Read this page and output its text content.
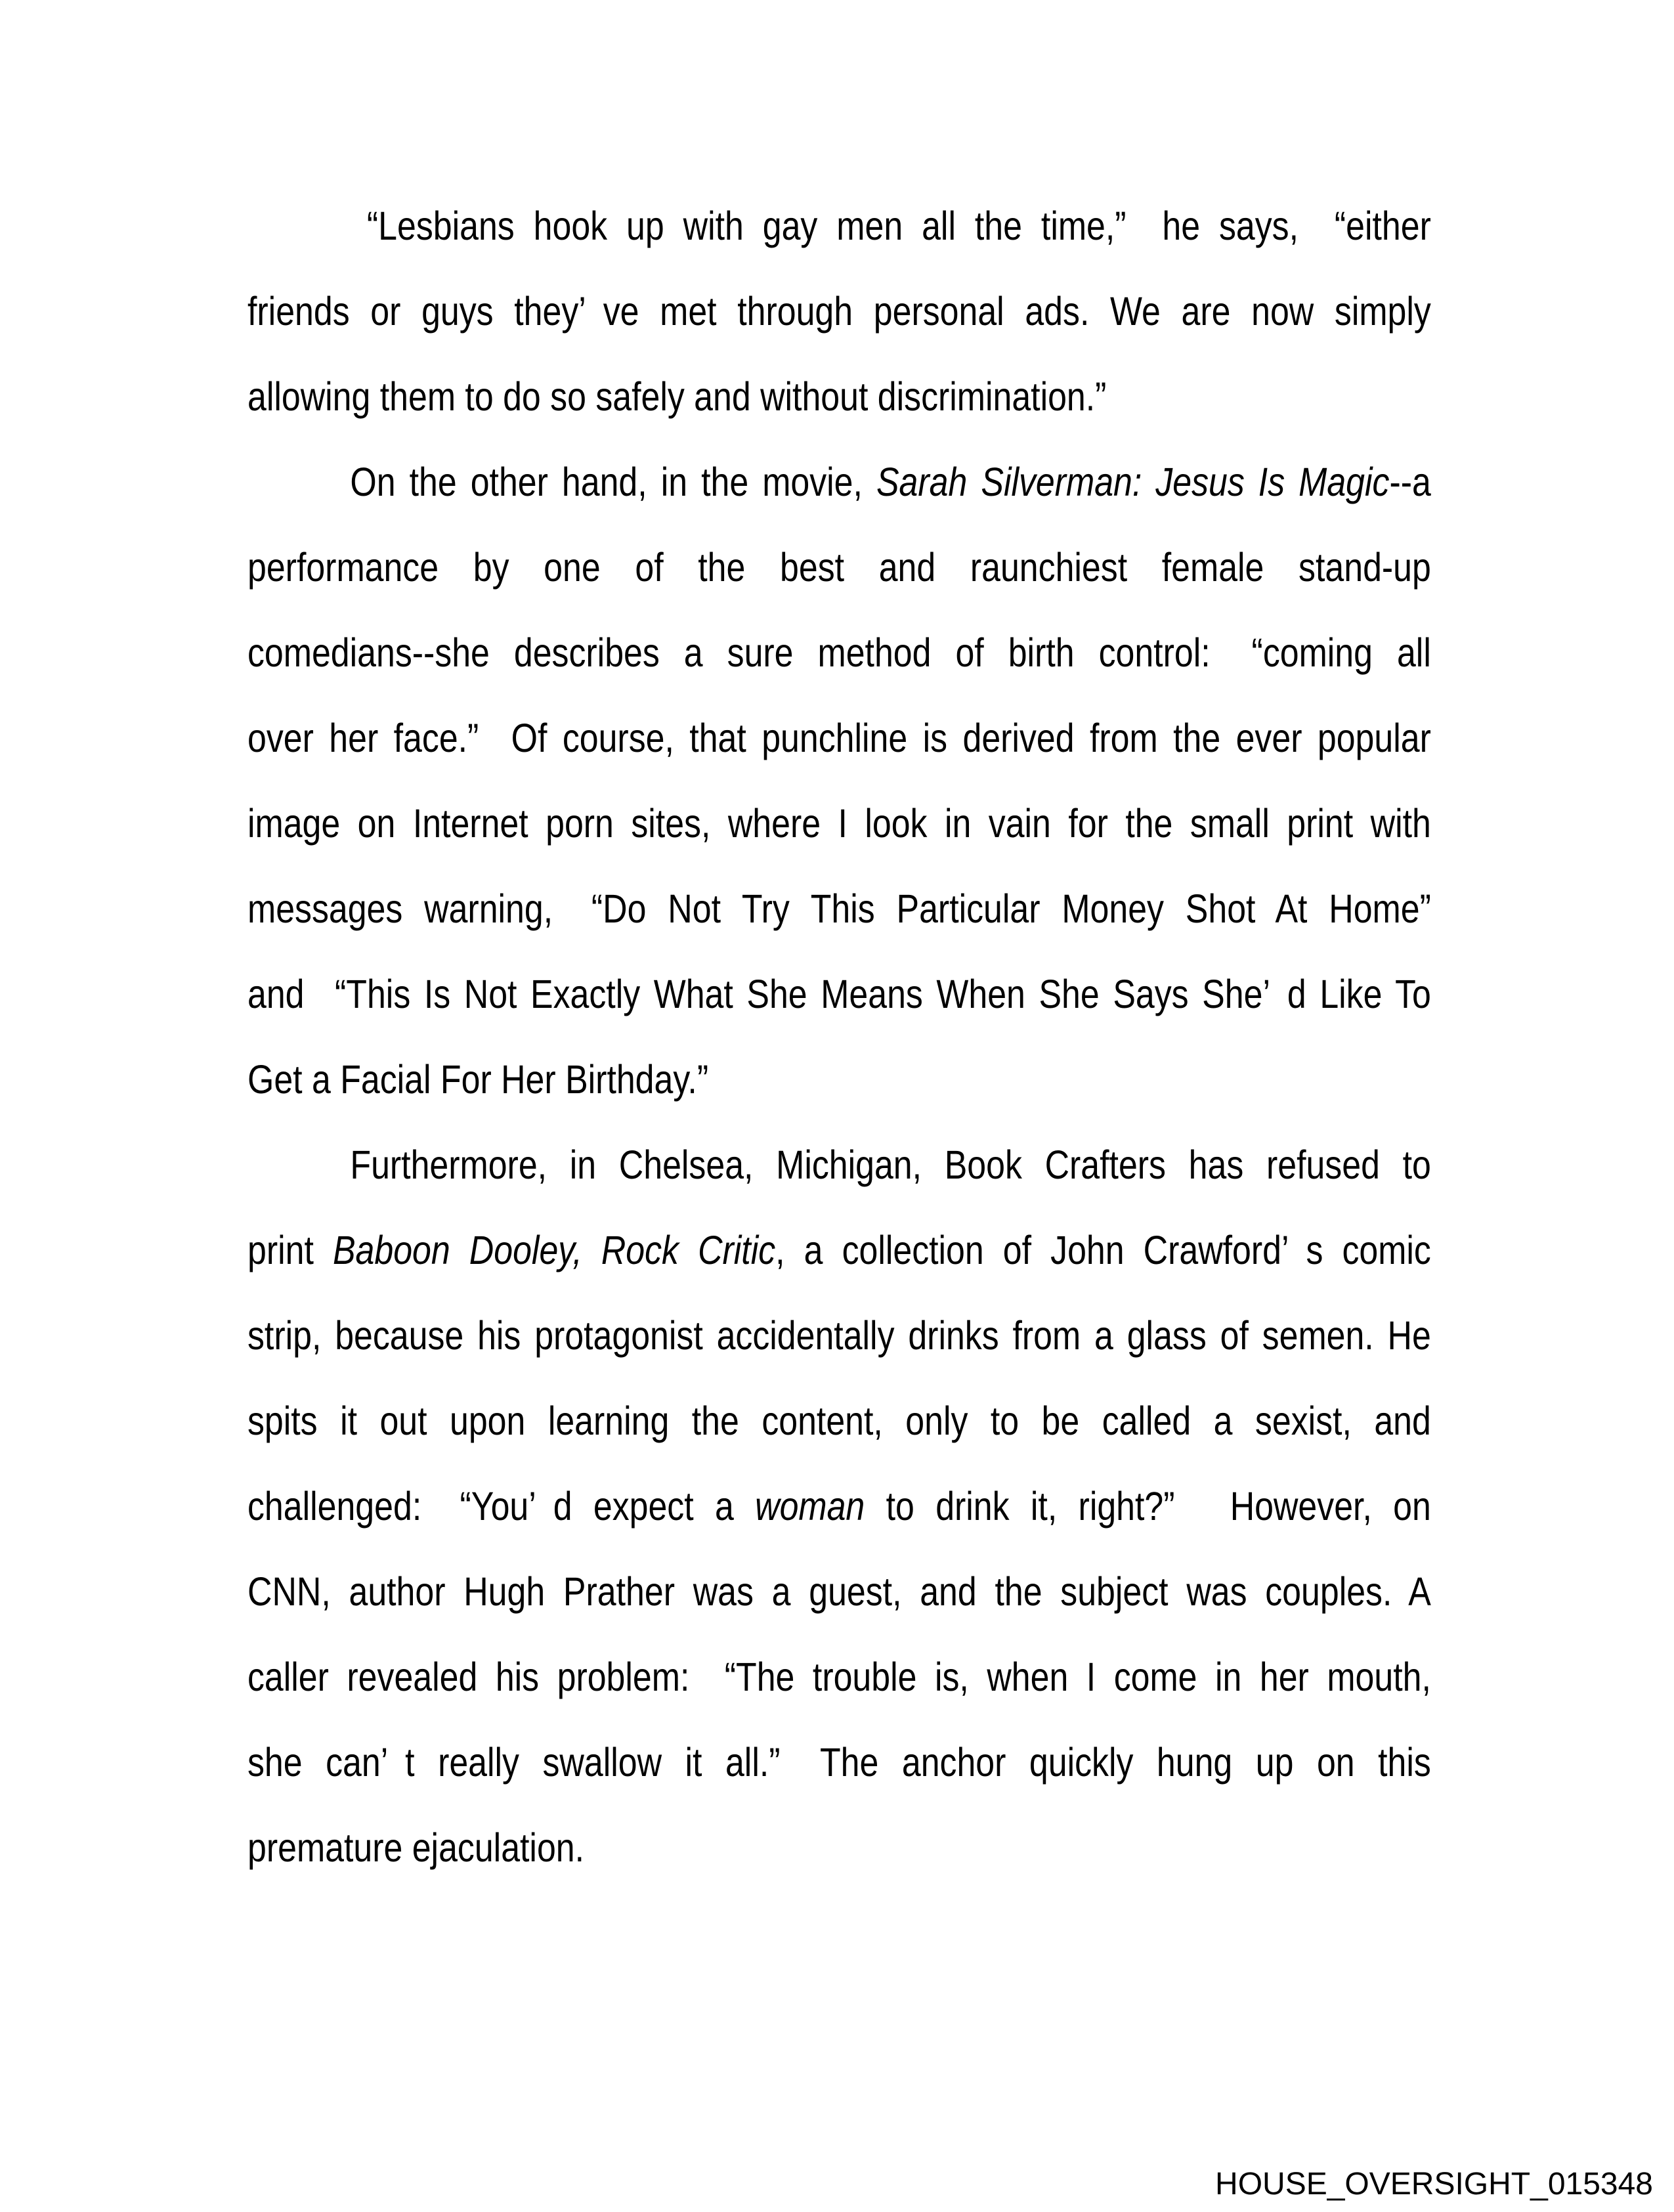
“Lesbians hook up with gay men all the time,”  he says,  “either
friends or guys they’ ve met through personal ads. We are now simply
allowing them to do so safely and without discrimination.”
On the other hand, in the movie, Sarah Silverman: Jesus Is Magic--a
performance by one of the best and raunchiest female stand-up
comedians--she describes a sure method of birth control:  “coming all
over her face.”  Of course, that punchline is derived from the ever popular
image on Internet porn sites, where I look in vain for the small print with
messages warning,  “Do Not Try This Particular Money Shot At Home”
and  “This Is Not Exactly What She Means When She Says She’ d Like To
Get a Facial For Her Birthday.”
Furthermore, in Chelsea, Michigan, Book Crafters has refused to
print Baboon Dooley, Rock Critic, a collection of John Crawford’ s comic
strip, because his protagonist accidentally drinks from a glass of semen. He
spits it out upon learning the content, only to be called a sexist, and
challenged:  “You’ d expect a woman to drink it, right?”   However, on
CNN, author Hugh Prather was a guest, and the subject was couples. A
caller revealed his problem:  “The trouble is, when I come in her mouth,
she can’ t really swallow it all.”  The anchor quickly hung up on this
premature ejaculation.
HOUSE_OVERSIGHT_015348
